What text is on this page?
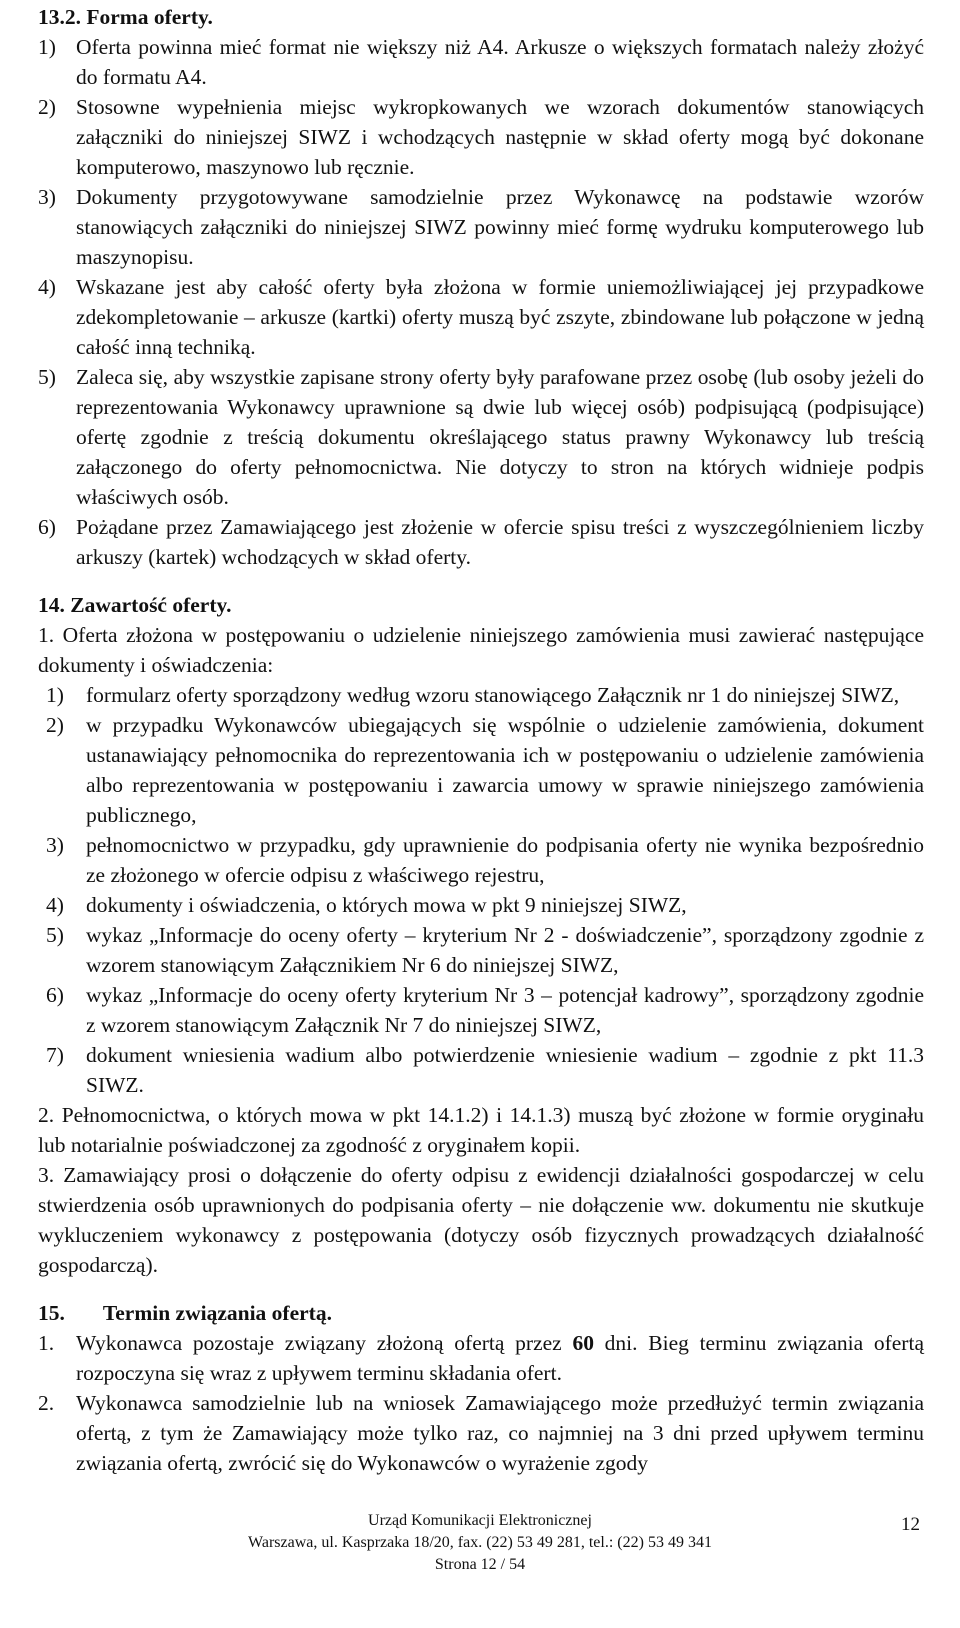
13.2. Forma oferty.
1) Oferta powinna mieć format nie większy niż A4. Arkusze o większych formatach należy złożyć do formatu A4.
2) Stosowne wypełnienia miejsc wykropkowanych we wzorach dokumentów stanowiących załączniki do niniejszej SIWZ i wchodzących następnie w skład oferty mogą być dokonane komputerowo, maszynowo lub ręcznie.
3) Dokumenty przygotowywane samodzielnie przez Wykonawcę na podstawie wzorów stanowiących załączniki do niniejszej SIWZ powinny mieć formę wydruku komputerowego lub maszynopisu.
4) Wskazane jest aby całość oferty była złożona w formie uniemożliwiającej jej przypadkowe zdekompletowanie – arkusze (kartki) oferty muszą być zszyte, zbindowane lub połączone w jedną całość inną techniką.
5) Zaleca się, aby wszystkie zapisane strony oferty były parafowane przez osobę (lub osoby jeżeli do reprezentowania Wykonawcy uprawnione są dwie lub więcej osób) podpisującą (podpisujące) ofertę zgodnie z treścią dokumentu określającego status prawny Wykonawcy lub treścią załączonego do oferty pełnomocnictwa. Nie dotyczy to stron na których widnieje podpis właściwych osób.
6) Pożądane przez Zamawiającego jest złożenie w ofercie spisu treści z wyszczególnieniem liczby arkuszy (kartek) wchodzących w skład oferty.
14. Zawartość oferty.
1. Oferta złożona w postępowaniu o udzielenie niniejszego zamówienia musi zawierać następujące dokumenty i oświadczenia:
1) formularz oferty sporządzony według wzoru stanowiącego Załącznik nr 1 do niniejszej SIWZ,
2) w przypadku Wykonawców ubiegających się wspólnie o udzielenie zamówienia, dokument ustanawiający pełnomocnika do reprezentowania ich w postępowaniu o udzielenie zamówienia albo reprezentowania w postępowaniu i zawarcia umowy w sprawie niniejszego zamówienia publicznego,
3) pełnomocnictwo w przypadku, gdy uprawnienie do podpisania oferty nie wynika bezpośrednio ze złożonego w ofercie odpisu z właściwego rejestru,
4) dokumenty i oświadczenia, o których mowa w pkt 9 niniejszej SIWZ,
5) wykaz „Informacje do oceny oferty – kryterium Nr 2 - doświadczenie”, sporządzony zgodnie z wzorem stanowiącym Załącznikiem Nr 6 do niniejszej SIWZ,
6) wykaz „Informacje do oceny oferty kryterium Nr 3 – potencjał kadrowy”, sporządzony zgodnie z wzorem stanowiącym Załącznik Nr 7 do niniejszej SIWZ,
7) dokument wniesienia wadium albo potwierdzenie wniesienie wadium – zgodnie z pkt 11.3 SIWZ.
2. Pełnomocnictwa, o których mowa w pkt 14.1.2) i 14.1.3) muszą być złożone w formie oryginału lub notarialnie poświadczonej za zgodność z oryginałem kopii.
3. Zamawiający prosi o dołączenie do oferty odpisu z ewidencji działalności gospodarczej w celu stwierdzenia osób uprawnionych do podpisania oferty – nie dołączenie ww. dokumentu nie skutkuje wykluczeniem wykonawcy z postępowania (dotyczy osób fizycznych prowadzących działalność gospodarczą).
15. Termin związania ofertą.
1. Wykonawca pozostaje związany złożoną ofertą przez 60 dni. Bieg terminu związania ofertą rozpoczyna się wraz z upływem terminu składania ofert.
2. Wykonawca samodzielnie lub na wniosek Zamawiającego może przedłużyć termin związania ofertą, z tym że Zamawiający może tylko raz, co najmniej na 3 dni przed upływem terminu związania ofertą, zwrócić się do Wykonawców o wyrażenie zgody
Urząd Komunikacji Elektronicznej
Warszawa, ul. Kasprzaka 18/20, fax. (22) 53 49 281, tel.: (22) 53 49 341
Strona 12 / 54
12
